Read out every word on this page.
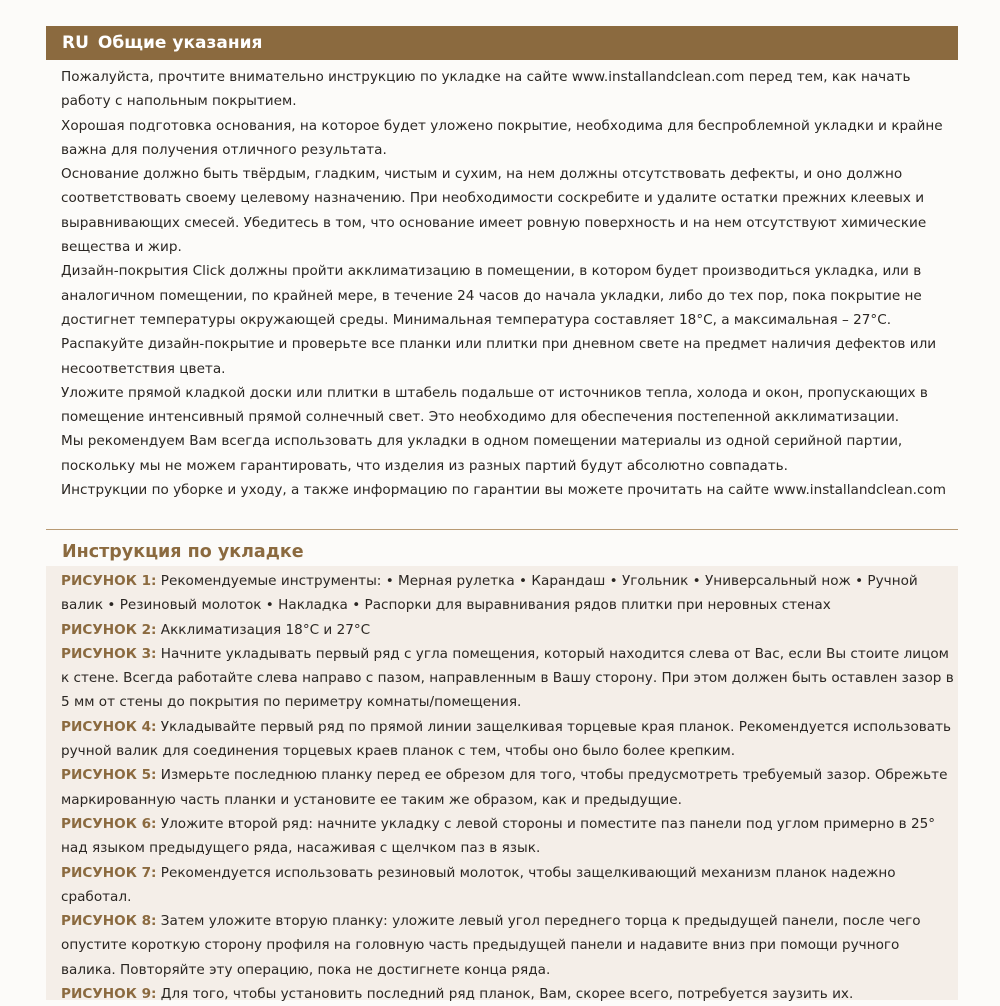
RU Общие указания

Пожалуйста, прочтите внимательно инструкцию по укладке на сайте www.installandclean.com перед тем, как начать работу с напольным покрытием.

Хорошая подготовка основания, на которое будет уложено покрытие, необходима для беспроблемной укладки и крайне важна для получения отличного результата.

Основание должно быть твёрдым, гладким, чистым и сухим, на нем должны отсутствовать дефекты, и оно должно соответствовать своему целевому назначению. При необходимости соскребите и удалите остатки прежних клеевых и выравнивающих смесей. Убедитесь в том, что основание имеет ровную поверхность и на нем отсутствуют химические вещества и жир.

Дизайн-покрытия Click должны пройти акклиматизацию в помещении, в котором будет производиться укладка, или в аналогичном помещении, по крайней мере, в течение 24 часов до начала укладки, либо до тех пор, пока покрытие не достигнет температуры окружающей среды. Минимальная температура составляет 18°C, а максимальная – 27°C.

Распакуйте дизайн-покрытие и проверьте все планки или плитки при дневном свете на предмет наличия дефектов или несоответствия цвета.

Уложите прямой кладкой доски или плитки в штабель подальше от источников тепла, холода и окон, пропускающих в помещение интенсивный прямой солнечный свет. Это необходимо для обеспечения постепенной акклиматизации.

Мы рекомендуем Вам всегда использовать для укладки в одном помещении материалы из одной серийной партии, поскольку мы не можем гарантировать, что изделия из разных партий будут абсолютно совпадать.

Инструкции по уборке и уходу, а также информацию по гарантии вы можете прочитать на сайте www.installandclean.com

Инструкция по укладке

РИСУНОК 1: Рекомендуемые инструменты: • Мерная рулетка • Карандаш • Угольник • Универсальный нож • Ручной валик • Резиновый молоток • Накладка • Распорки для выравнивания рядов плитки при неровных стенах

РИСУНОК 2: Акклиматизация 18°C и 27°C

РИСУНОК 3: Начните укладывать первый ряд с угла помещения, который находится слева от Вас, если Вы стоите лицом к стене. Всегда работайте слева направо с пазом, направленным в Вашу сторону. При этом должен быть оставлен зазор в 5 мм от стены до покрытия по периметру комнаты/помещения.

РИСУНОК 4: Укладывайте первый ряд по прямой линии защелкивая торцевые края планок. Рекомендуется использовать ручной валик для соединения торцевых краев планок с тем, чтобы оно было более крепким.

РИСУНОК 5: Измерьте последнюю планку перед ее обрезом для того, чтобы предусмотреть требуемый зазор. Обрежьте маркированную часть планки и установите ее таким же образом, как и предыдущие.

РИСУНОК 6: Уложите второй ряд: начните укладку с левой стороны и поместите паз панели под углом примерно в 25° над языком предыдущего ряда, насаживая с щелчком паз в язык.

РИСУНОК 7: Рекомендуется использовать резиновый молоток, чтобы защелкивающий механизм планок надежно сработал.

РИСУНОК 8: Затем уложите вторую планку: уложите левый угол переднего торца к предыдущей панели, после чего опустите короткую сторону профиля на головную часть предыдущей панели и надавите вниз при помощи ручного валика. Повторяйте эту операцию, пока не достигнете конца ряда.

РИСУНОК 9: Для того, чтобы установить последний ряд планок, Вам, скорее всего, потребуется заузить их.
